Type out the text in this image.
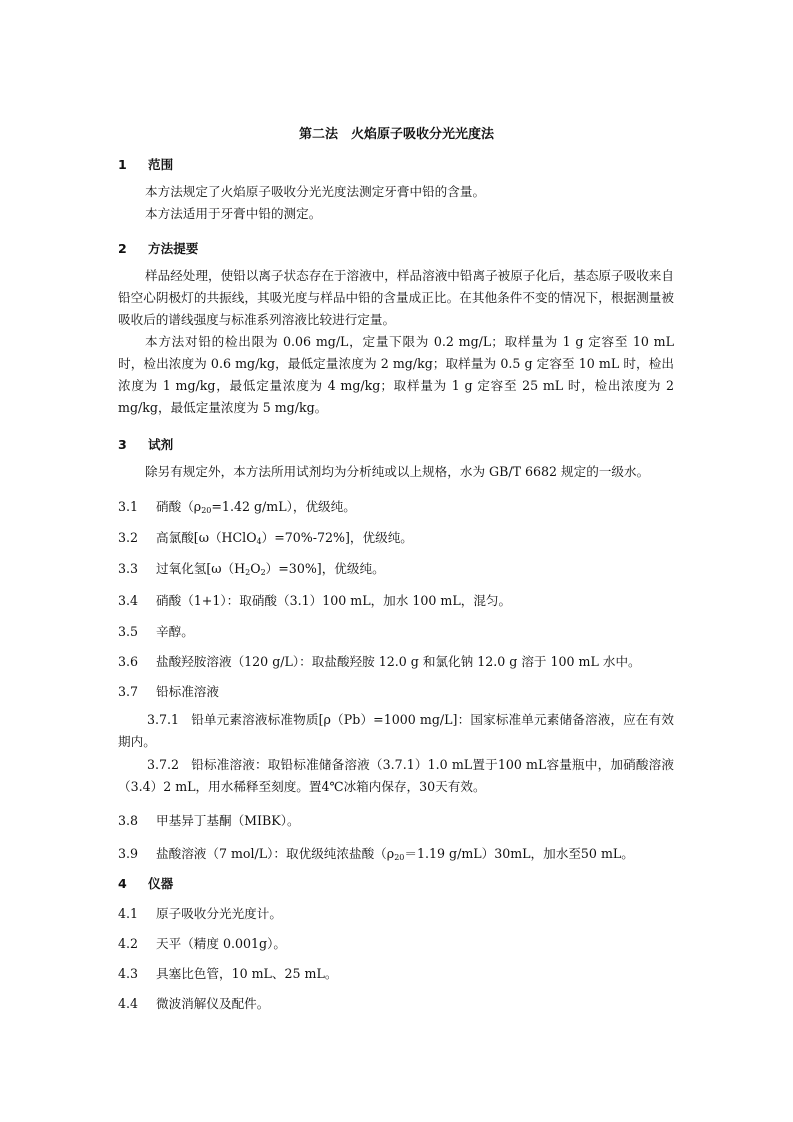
第二法　火焰原子吸收分光光度法
1 范围

本方法规定了火焰原子吸收分光光度法测定牙膏中铅的含量。

本方法适用于牙膏中铅的测定。

2 方法提要

样品经处理，使铅以离子状态存在于溶液中，样品溶液中铅离子被原子化后，基态原子吸收来自铅空心阴极灯的共振线，其吸光度与样品中铅的含量成正比。在其他条件不变的情况下，根据测量被吸收后的谱线强度与标准系列溶液比较进行定量。

本方法对铅的检出限为 0.06 mg/L，定量下限为 0.2 mg/L；取样量为 1 g 定容至 10 mL 时，检出浓度为 0.6 mg/kg，最低定量浓度为 2 mg/kg；取样量为 0.5 g 定容至 10 mL 时，检出浓度为 1 mg/kg，最低定量浓度为 4 mg/kg；取样量为 1 g 定容至 25 mL 时，检出浓度为 2 mg/kg，最低定量浓度为 5 mg/kg。

3 试剂

除另有规定外，本方法所用试剂均为分析纯或以上规格，水为 GB/T 6682 规定的一级水。

3.1 硝酸（$\rho_{20}=1.42$ g/mL），优级纯。
3.2 高氯酸[ω（HClO$_4$）=70%-72%]，优级纯。
3.3 过氧化氢$[\omega(H_2O_2)=30\%]$，优级纯。
3.4 硝酸（1+1）：取硝酸（3.1）100 mL，加水 100 mL，混匀。
3.5 辛醇。
3.6 盐酸羟胺溶液（120 g/L）：取盐酸羟胺 12.0 g 和氯化钠 12.0 g 溶于 100 mL 水中。
3.7 铅标准溶液

3.7.1 铅单元素溶液标准物质[ρ（Pb）=1000 mg/L]：国家标准单元素储备溶液，应在有效期内。

3.7.2 铅标准溶液：取铅标准储备溶液（3.7.1）1.0 mL置于100 mL容量瓶中，加硝酸溶液（3.4）2 mL，用水稀释至刻度。置4℃冰箱内保存，30天有效。

3.8 甲基异丁基酮（MIBK）。
3.9 盐酸溶液（7 mol/L）：取优级纯浓盐酸（$\rho_{20}=1.19$ g/mL）30mL，加水至50 mL。
4 仪器
4.1 原子吸收分光光度计。
4.2 天平（精度 0.001g）。
4.3 具塞比色管，10 mL、25 mL。
4.4 微波消解仪及配件。
